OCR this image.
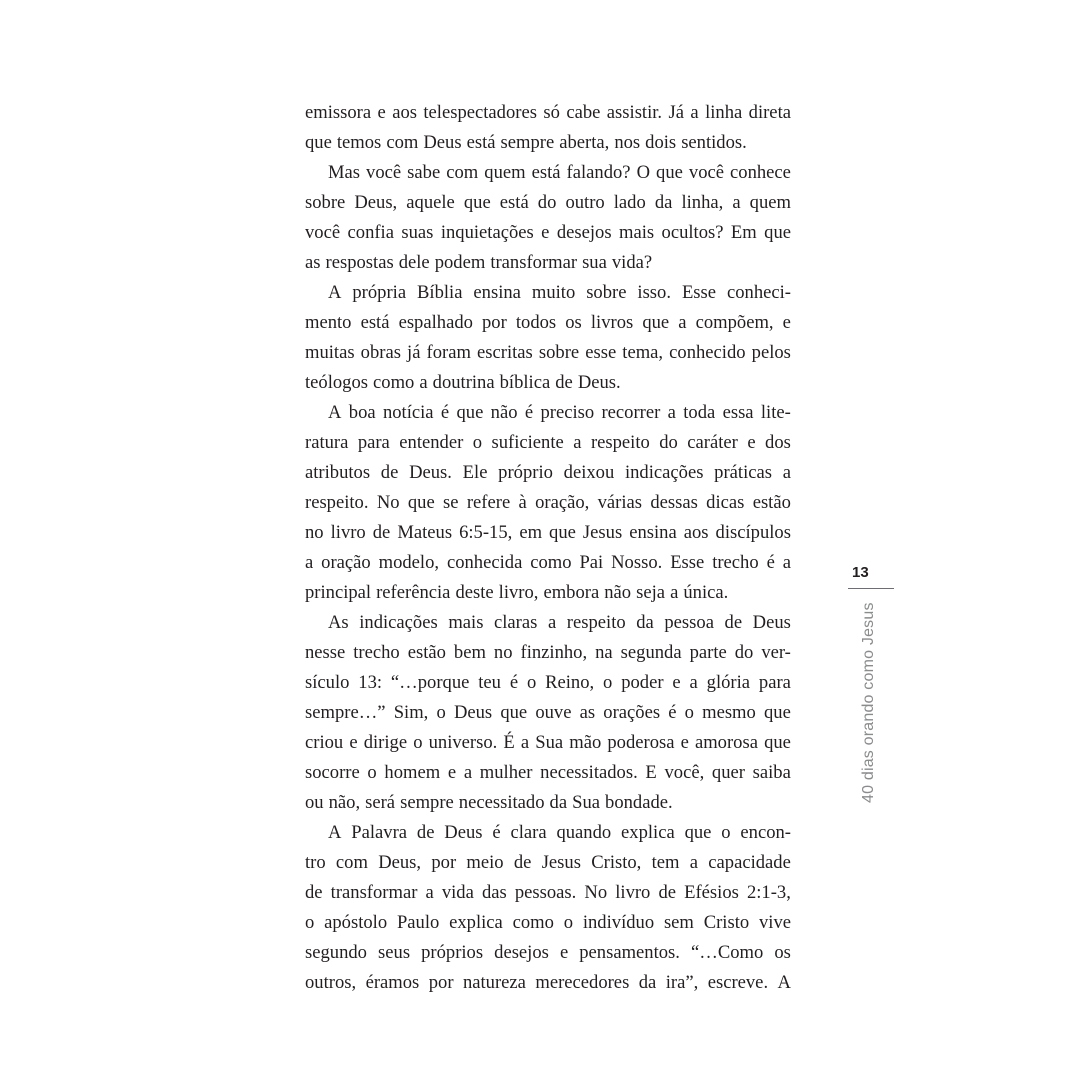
emissora e aos telespectadores só cabe assistir. Já a linha direta
que temos com Deus está sempre aberta, nos dois sentidos.
Mas você sabe com quem está falando? O que você conhece
sobre Deus, aquele que está do outro lado da linha, a quem
você confia suas inquietações e desejos mais ocultos? Em que
as respostas dele podem transformar sua vida?
A própria Bíblia ensina muito sobre isso. Esse conheci-
mento está espalhado por todos os livros que a compõem, e
muitas obras já foram escritas sobre esse tema, conhecido pelos
teólogos como a doutrina bíblica de Deus.
A boa notícia é que não é preciso recorrer a toda essa lite-
ratura para entender o suficiente a respeito do caráter e dos
atributos de Deus. Ele próprio deixou indicações práticas a
respeito. No que se refere à oração, várias dessas dicas estão
no livro de Mateus 6:5-15, em que Jesus ensina aos discípulos
a oração modelo, conhecida como Pai Nosso. Esse trecho é a
principal referência deste livro, embora não seja a única.
As indicações mais claras a respeito da pessoa de Deus
nesse trecho estão bem no finzinho, na segunda parte do ver-
sículo 13: “…porque teu é o Reino, o poder e a glória para
sempre…” Sim, o Deus que ouve as orações é o mesmo que
criou e dirige o universo. É a Sua mão poderosa e amorosa que
socorre o homem e a mulher necessitados. E você, quer saiba
ou não, será sempre necessitado da Sua bondade.
A Palavra de Deus é clara quando explica que o encon-
tro com Deus, por meio de Jesus Cristo, tem a capacidade
de transformar a vida das pessoas. No livro de Efésios 2:1-3,
o apóstolo Paulo explica como o indivíduo sem Cristo vive
segundo seus próprios desejos e pensamentos. “…Como os
outros, éramos por natureza merecedores da ira”, escreve. A
13
40 dias orando como Jesus
